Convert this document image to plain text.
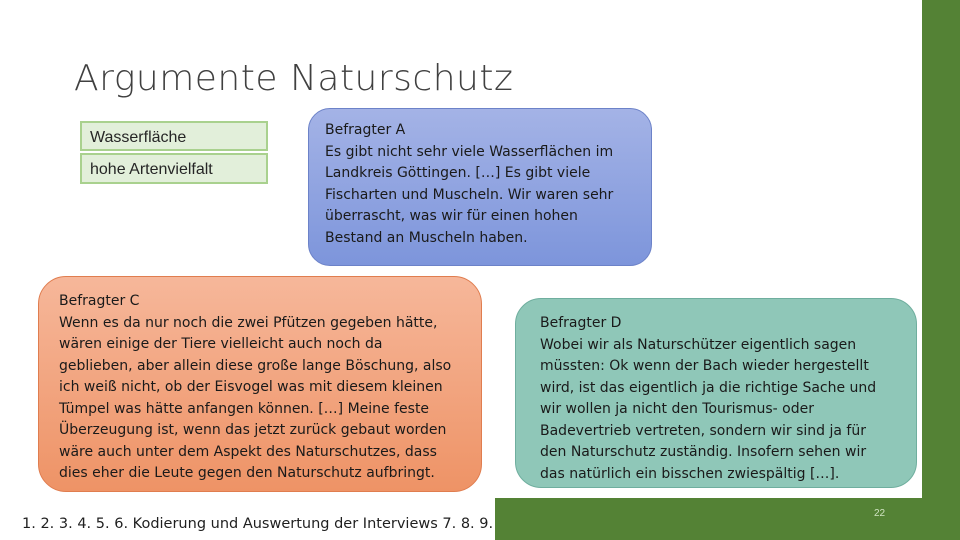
Argumente Naturschutz
Wasserfläche
hohe Artenvielfalt
Befragter A
Es gibt nicht sehr viele Wasserflächen im
Landkreis Göttingen. […] Es gibt viele
Fischarten und Muscheln. Wir waren sehr
überrascht, was wir für einen hohen
Bestand an Muscheln haben.
Befragter C
Wenn es da nur noch die zwei Pfützen gegeben hätte,
wären einige der Tiere vielleicht auch noch da
geblieben, aber allein diese große lange Böschung, also
ich weiß nicht, ob der Eisvogel was mit diesem kleinen
Tümpel was hätte anfangen können. […] Meine feste
Überzeugung ist, wenn das jetzt zurück gebaut worden
wäre auch unter dem Aspekt des Naturschutzes, dass
dies eher die Leute gegen den Naturschutz aufbringt.
Befragter D
Wobei wir als Naturschützer eigentlich sagen
müssten: Ok wenn der Bach wieder hergestellt
wird, ist das eigentlich ja die richtige Sache und
wir wollen ja nicht den Tourismus- oder
Badevertrieb vertreten, sondern wir sind ja für
den Naturschutz zuständig. Insofern sehen wir
das natürlich ein bisschen zwiespältig […].
1. 2. 3. 4. 5. 6. Kodierung und Auswertung der Interviews 7. 8. 9.
22
